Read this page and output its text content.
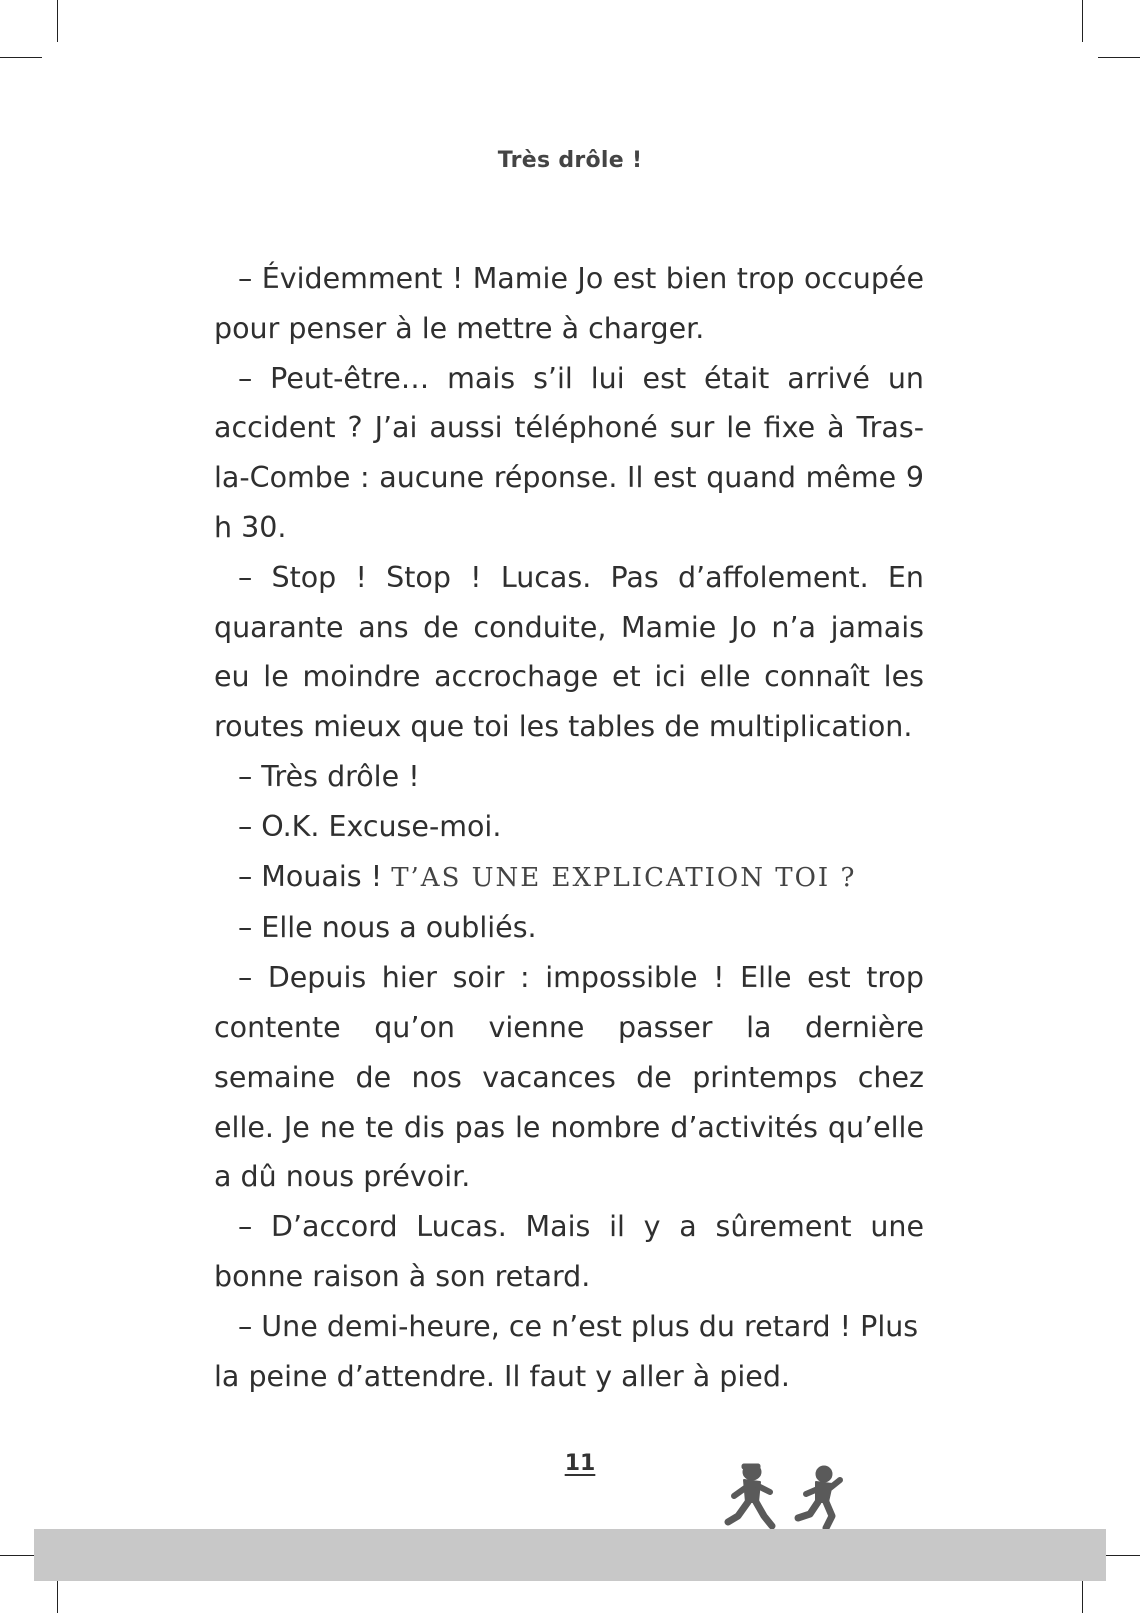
Très drôle !

– Évidemment ! Mamie Jo est bien trop occupée pour penser à le mettre à charger.

– Peut-être… mais s’il lui est était arrivé un accident ? J’ai aussi téléphoné sur le fixe à Tras-la-Combe : aucune réponse. Il est quand même 9 h 30.

– Stop ! Stop ! Lucas. Pas d’affolement. En quarante ans de conduite, Mamie Jo n’a jamais eu le moindre accrochage et ici elle connaît les routes mieux que toi les tables de multiplication.

– Très drôle !

– O.K. Excuse-moi.

– Mouais ! T’AS UNE EXPLICATION TOI ?

– Elle nous a oubliés.

– Depuis hier soir : impossible ! Elle est trop contente qu’on vienne passer la dernière semaine de nos vacances de printemps chez elle. Je ne te dis pas le nombre d’activités qu’elle a dû nous prévoir.

– D’accord Lucas. Mais il y a sûrement une bonne raison à son retard.

– Une demi-heure, ce n’est plus du retard ! Plus la peine d’attendre. Il faut y aller à pied.

11
